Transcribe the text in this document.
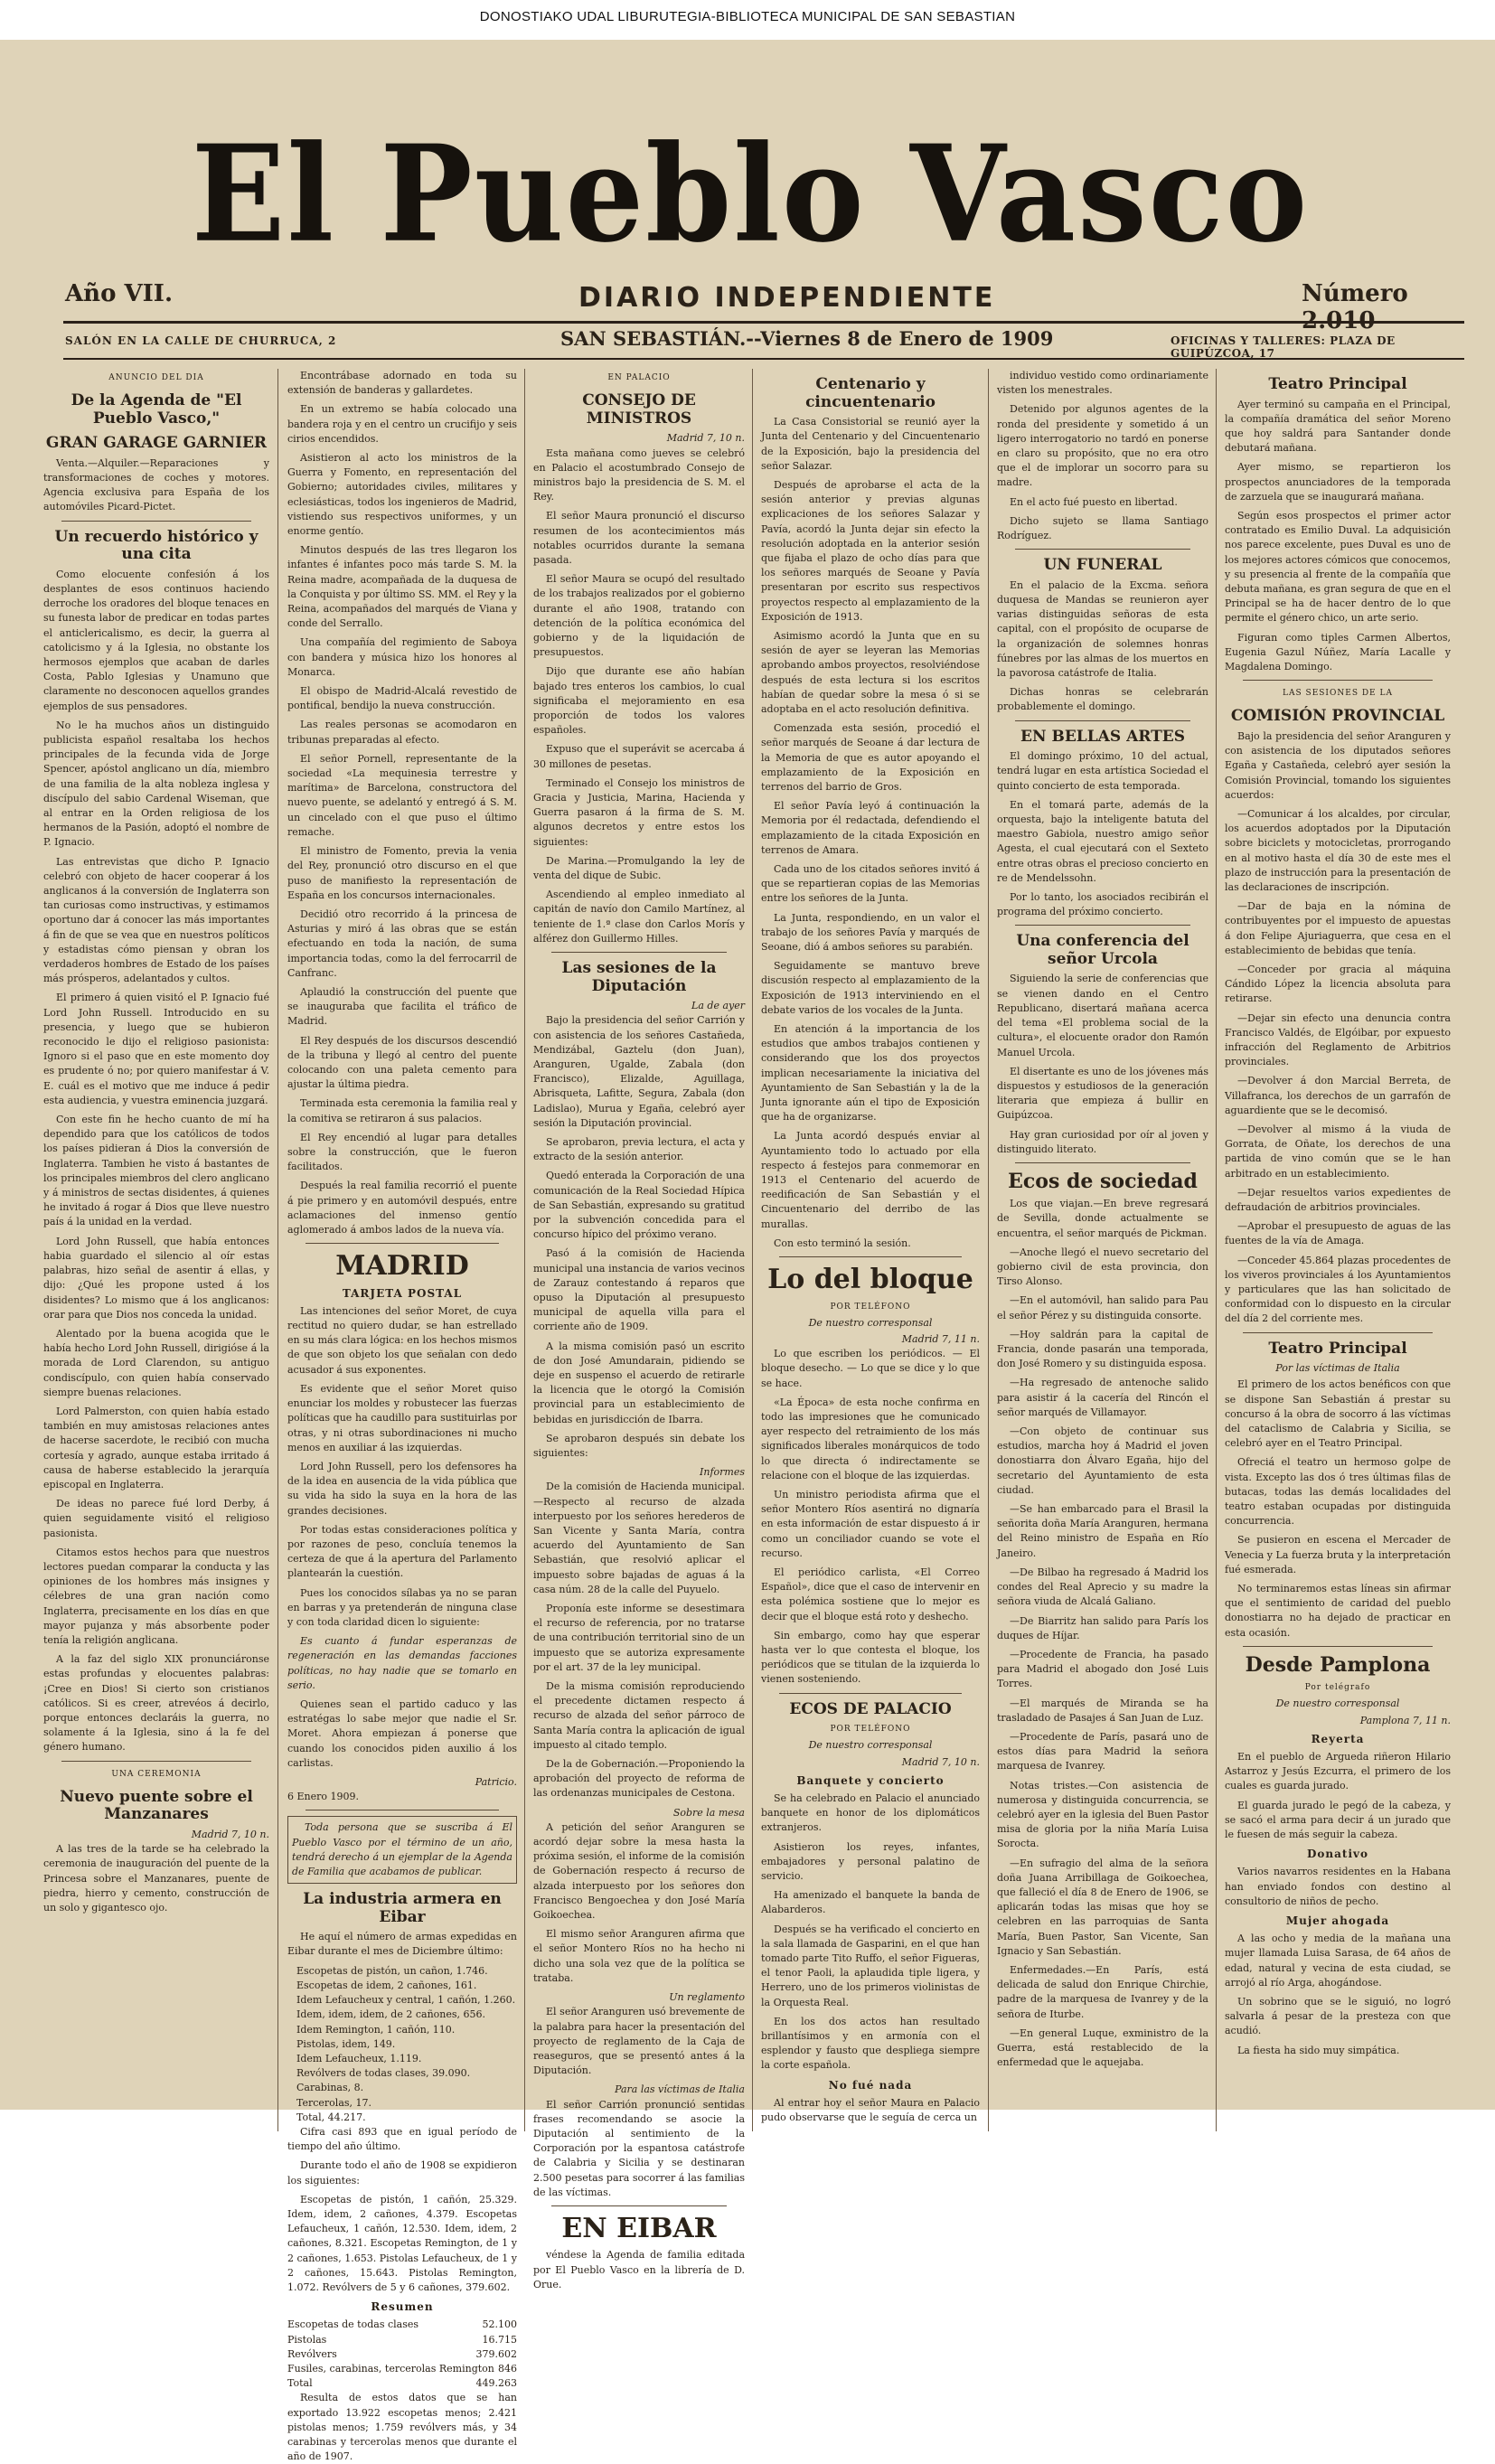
DONOSTIAKO UDAL LIBURUTEGIA-BIBLIOTECA MUNICIPAL DE SAN SEBASTIAN
El Pueblo Vasco
Año VII.	DIARIO INDEPENDIENTE	Número 2.010
SALÓN EN LA CALLE DE CHURRUCA, 2	SAN SEBASTIÁN.--Viernes 8 de Enero de 1909	OFICINAS Y TALLERES: PLAZA DE GUIPÚZCOA, 17
ANUNCIO DEL DIA
De la Agenda de "El Pueblo Vasco,"
GRAN GARAGE GARNIER

Venta.—Alquiler.—Reparaciones y transformaciones de coches y motores. Agencia exclusiva para España de los automóviles Picard-Pictet.

Un recuerdo histórico y una cita

Como elocuente confesión á los desplantes de esos continuos haciendo derroche los oradores del bloque tenaces en su funesta labor de predicar en todas partes el anticlericalismo, es decir, la guerra al catolicismo y á la Iglesia, no obstante los hermosos ejemplos que acaban de darles Costa, Pablo Iglesias y Unamuno que claramente no desconocen aquellos grandes ejemplos de sus pensadores.

No le ha muchos años un distinguido publicista español resaltaba los hechos principales de la fecunda vida de Jorge Spencer, apóstol anglicano un día, miembro de una familia de la alta nobleza inglesa y discípulo del sabio Cardenal Wiseman, que al entrar en la Orden religiosa de los hermanos de la Pasión, adoptó el nombre de P. Ignacio.

Las entrevistas que dicho P. Ignacio celebró con objeto de hacer cooperar á los anglicanos á la conversión de Inglaterra son tan curiosas como instructivas, y estimamos oportuno dar á conocer las más importantes á fin de que se vea que en nuestros políticos y estadistas cómo piensan y obran los verdaderos hombres de Estado de los países más prósperos, adelantados y cultos.

El primero á quien visitó el P. Ignacio fué Lord John Russell. Introducido en su presencia, y luego que se hubieron reconocido le dijo el religioso pasionista: Ignoro si el paso que en este momento doy es prudente ó no; por quiero manifestar á V. E. cuál es el motivo que me induce á pedir esta audiencia, y vuestra eminencia juzgará.

Con este fin he hecho cuanto de mí ha dependido para que los católicos de todos los países pidieran á Dios la conversión de Inglaterra. Tambien he visto á bastantes de los principales miembros del clero anglicano y á ministros de sectas disidentes, á quienes he invitado á rogar á Dios que lleve nuestro país á la unidad en la verdad.

Lord John Russell, que había entonces habia guardado el silencio al oír estas palabras, hizo señal de asentir á ellas, y dijo: ¿Qué les propone usted á los disidentes? Lo mismo que á los anglicanos: orar para que Dios nos conceda la unidad.

Alentado por la buena acogida que le había hecho Lord John Russell, dirigióse á la morada de Lord Clarendon, su antiguo condiscípulo, con quien había conservado siempre buenas relaciones.

Lord Palmerston, con quien había estado también en muy amistosas relaciones antes de hacerse sacerdote, le recibió con mucha cortesía y agrado, aunque estaba irritado á causa de haberse establecido la jerarquía episcopal en Inglaterra.

De ideas no parece fué lord Derby, á quien seguidamente visitó el religioso pasionista.

Citamos estos hechos para que nuestros lectores puedan comparar la conducta y las opiniones de los hombres más insignes y célebres de una gran nación como Inglaterra, precisamente en los días en que mayor pujanza y más absorbente poder tenía la religión anglicana.

A la faz del siglo XIX pronunciáronse estas profundas y elocuentes palabras: ¡Cree en Dios! Si cierto son cristianos católicos. Si es creer, atrevéos á decirlo, porque entonces declaráis la guerra, no solamente á la Iglesia, sino á la fe del género humano.

UNA CEREMONIA
Nuevo puente sobre el Manzanares
Madrid 7, 10 n.

A las tres de la tarde se ha celebrado la ceremonia de inauguración del puente de la Princesa sobre el Manzanares, puente de piedra, hierro y cemento, construcción de un solo y gigantesco ojo.

Encontrábase adornado en toda su extensión de banderas y gallardetes.

En un extremo se había colocado una bandera roja y en el centro un crucifijo y seis cirios encendidos.

Asistieron al acto los ministros de la Guerra y Fomento, en representación del Gobierno; autoridades civiles, militares y eclesiásticas, todos los ingenieros de Madrid, vistiendo sus respectivos uniformes, y un enorme gentío.

Minutos después de las tres llegaron los infantes é infantes poco más tarde S. M. la Reina madre, acompañada de la duquesa de la Conquista y por último SS. MM. el Rey y la Reina, acompañados del marqués de Viana y conde del Serrallo.

Una compañía del regimiento de Saboya con bandera y música hizo los honores al Monarca.

El obispo de Madrid-Alcalá revestido de pontifical, bendijo la nueva construcción.

Las reales personas se acomodaron en tribunas preparadas al efecto.

El señor Pornell, representante de la sociedad «La mequinesia terrestre y marítima» de Barcelona, constructora del nuevo puente, se adelantó y entregó á S. M. un cincelado con el que puso el último remache.

El ministro de Fomento, previa la venia del Rey, pronunció otro discurso en el que puso de manifiesto la representación de España en los concursos internacionales.

Decidió otro recorrido á la princesa de Asturias y miró á las obras que se están efectuando en toda la nación, de suma importancia todas, como la del ferrocarril de Canfranc.

Aplaudió la construcción del puente que se inauguraba que facilita el tráfico de Madrid.

El Rey después de los discursos descendió de la tribuna y llegó al centro del puente colocando con una paleta cemento para ajustar la última piedra.

Terminada esta ceremonia la familia real y la comitiva se retiraron á sus palacios.

El Rey encendió al lugar para detalles sobre la construcción, que le fueron facilitados.

Después la real familia recorrió el puente á pie primero y en automóvil después, entre aclamaciones del inmenso gentío aglomerado á ambos lados de la nueva vía.

MADRID
TARJETA POSTAL

Las intenciones del señor Moret, de cuya rectitud no quiero dudar, se han estrellado en su más clara lógica: en los hechos mismos de que son objeto los que señalan con dedo acusador á sus exponentes.

Es evidente que el señor Moret quiso enunciar los moldes y robustecer las fuerzas políticas que ha caudillo para sustituirlas por otras, y ni otras subordinaciones ni mucho menos en auxiliar á las izquierdas.

Lord John Russell, pero los defensores ha de la idea en ausencia de la vida pública que su vida ha sido la suya en la hora de las grandes decisiones.

Por todas estas consideraciones política y por razones de peso, concluía tenemos la certeza de que á la apertura del Parlamento plantearán la cuestión.

Pues los conocidos sílabas ya no se paran en barras y ya pretenderán de ninguna clase y con toda claridad dicen lo siguiente:

Es cuanto á fundar esperanzas de regeneración en las demandas facciones políticas, no hay nadie que se tomarlo en serio.

Quienes sean el partido caduco y las estratégas lo sabe mejor que nadie el Sr. Moret. Ahora empiezan á ponerse que cuando los conocidos piden auxilio á los carlistas.

Patricio.
6 Enero 1909.

Toda persona que se suscriba á El Pueblo Vasco por el término de un año, tendrá derecho á un ejemplar de la Agenda de Familia que acabamos de publicar.

La industria armera en Eibar

He aquí el número de armas expedidas en Eibar durante el mes de Diciembre último:

Escopetas de pistón, un cañon, 1.746.
Escopetas de idem, 2 cañones, 161.
Idem Lefaucheux y central, 1 cañón, 1.260.
Idem, idem, idem, de 2 cañones, 656.
Idem Remington, 1 cañón, 110.
Pistolas, idem, 149.
Idem Lefaucheux, 1.119.
Revólvers de todas clases, 39.090.
Carabinas, 8.
Tercerolas, 17.
Total, 44.217.

Cifra casi 893 que en igual período de tiempo del año último.

Durante todo el año de 1908 se expidieron los siguientes:

Escopetas de pistón, 1 cañón, 25.329. Idem, idem, 2 cañones, 4.379. Escopetas Lefaucheux, 1 cañón, 12.530. Idem, idem, 2 cañones, 8.321. Escopetas Remington, de 1 y 2 cañones, 1.653. Pistolas Lefaucheux, de 1 y 2 cañones, 15.643. Pistolas Remington, 1.072. Revólvers de 5 y 6 cañones, 379.602.

Resumen
Escopetas de todas clases	52.100
Pistolas	16.715
Revólvers	379.602
Fusiles, carabinas, tercerolas Remington 846
Total	449.263

Resulta de estos datos que se han exportado 13.922 escopetas menos; 2.421 pistolas menos; 1.759 revólvers más, y 34 carabinas y tercerolas menos que durante el año de 1907.

EN PALACIO
CONSEJO DE MINISTROS
Madrid 7, 10 n.

Esta mañana como jueves se celebró en Palacio el acostumbrado Consejo de ministros bajo la presidencia de S. M. el Rey.

El señor Maura pronunció el discurso resumen de los acontecimientos más notables ocurridos durante la semana pasada.

El señor Maura se ocupó del resultado de los trabajos realizados por el gobierno durante el año 1908, tratando con detención de la política económica del gobierno y de la liquidación de presupuestos.

Dijo que durante ese año habían bajado tres enteros los cambios, lo cual significaba el mejoramiento en esa proporción de todos los valores españoles.

Expuso que el superávit se acercaba á 30 millones de pesetas.

Terminado el Consejo los ministros de Gracia y Justicia, Marina, Hacienda y Guerra pasaron á la firma de S. M. algunos decretos y entre estos los siguientes:

De Marina.—Promulgando la ley de venta del dique de Subic.

Ascendiendo al empleo inmediato al capitán de navío don Camilo Martínez, al teniente de 1.ª clase don Carlos Morís y alférez don Guillermo Hilles.

Las sesiones de la Diputación
La de ayer

Bajo la presidencia del señor Carrión y con asistencia de los señores Castañeda, Mendizábal, Gaztelu (don Juan), Aranguren, Ugalde, Zabala (don Francisco), Elizalde, Aguillaga, Abrisqueta, Lafitte, Segura, Zabala (don Ladislao), Murua y Egaña, celebró ayer sesión la Diputación provincial.

Se aprobaron, previa lectura, el acta y extracto de la sesión anterior.

Quedó enterada la Corporación de una comunicación de la Real Sociedad Hípica de San Sebastián, expresando su gratitud por la subvención concedida para el concurso hípico del próximo verano.

Pasó á la comisión de Hacienda municipal una instancia de varios vecinos de Zarauz contestando á reparos que opuso la Diputación al presupuesto municipal de aquella villa para el corriente año de 1909.

A la misma comisión pasó un escrito de don José Amundarain, pidiendo se deje en suspenso el acuerdo de retirarle la licencia que le otorgó la Comisión provincial para un establecimiento de bebidas en jurisdicción de Ibarra.

Se aprobaron después sin debate los siguientes:

Informes

De la comisión de Hacienda municipal.—Respecto al recurso de alzada interpuesto por los señores herederos de San Vicente y Santa María, contra acuerdo del Ayuntamiento de San Sebastián, que resolvió aplicar el impuesto sobre bajadas de aguas á la casa núm. 28 de la calle del Puyuelo.

Proponía este informe se desestimara el recurso de referencia, por no tratarse de una contribución territorial sino de un impuesto que se autoriza expresamente por el art. 37 de la ley municipal.

De la misma comisión reproduciendo el precedente dictamen respecto á recurso de alzada del señor párroco de Santa María contra la aplicación de igual impuesto al citado templo.

De la de Gobernación.—Proponiendo la aprobación del proyecto de reforma de las ordenanzas municipales de Cestona.

Sobre la mesa

A petición del señor Aranguren se acordó dejar sobre la mesa hasta la próxima sesión, el informe de la comisión de Gobernación respecto á recurso de alzada interpuesto por los señores don Francisco Bengoechea y don José María Goikoechea.

El mismo señor Aranguren afirma que el señor Montero Ríos no ha hecho ni dicho una sola vez que de la política se trataba.

Un reglamento

El señor Aranguren usó brevemente de la palabra para hacer la presentación del proyecto de reglamento de la Caja de reaseguros, que se presentó antes á la Diputación.

Para las víctimas de Italia

El señor Carrión pronunció sentidas frases recomendando se asocie la Diputación al sentimiento de la Corporación por la espantosa catástrofe de Calabria y Sicilia y se destinaran 2.500 pesetas para socorrer á las familias de las víctimas.

EN EIBAR

véndese la Agenda de familia editada por El Pueblo Vasco en la librería de D. Orue.

Centenario y cincuentenario

La Casa Consistorial se reunió ayer la Junta del Centenario y del Cincuentenario de la Exposición, bajo la presidencia del señor Salazar.

Después de aprobarse el acta de la sesión anterior y previas algunas explicaciones de los señores Salazar y Pavía, acordó la Junta dejar sin efecto la resolución adoptada en la anterior sesión que fijaba el plazo de ocho días para que los señores marqués de Seoane y Pavía presentaran por escrito sus respectivos proyectos respecto al emplazamiento de la Exposición de 1913.

Asimismo acordó la Junta que en su sesión de ayer se leyeran las Memorias aprobando ambos proyectos, resolviéndose después de esta lectura si los escritos habían de quedar sobre la mesa ó si se adoptaba en el acto resolución definitiva.

Comenzada esta sesión, procedió el señor marqués de Seoane á dar lectura de la Memoria de que es autor apoyando el emplazamiento de la Exposición en terrenos del barrio de Gros.

El señor Pavía leyó á continuación la Memoria por él redactada, defendiendo el emplazamiento de la citada Exposición en terrenos de Amara.

Cada uno de los citados señores invitó á que se repartieran copias de las Memorias entre los señores de la Junta.

La Junta, respondiendo, en un valor el trabajo de los señores Pavía y marqués de Seoane, dió á ambos señores su parabién.

Seguidamente se mantuvo breve discusión respecto al emplazamiento de la Exposición de 1913 interviniendo en el debate varios de los vocales de la Junta.

En atención á la importancia de los estudios que ambos trabajos contienen y considerando que los dos proyectos implican necesariamente la iniciativa del Ayuntamiento de San Sebastián y la de la Junta ignorante aún el tipo de Exposición que ha de organizarse.

La Junta acordó después enviar al Ayuntamiento todo lo actuado por ella respecto á festejos para conmemorar en 1913 el Centenario del acuerdo de reedificación de San Sebastián y el Cincuentenario del derribo de las murallas.

Con esto terminó la sesión.

Lo del bloque
POR TELÉFONO
De nuestro corresponsal
Madrid 7, 11 n.

Lo que escriben los periódicos. — El bloque desecho. — Lo que se dice y lo que se hace.

«La Época» de esta noche confirma en todo las impresiones que he comunicado ayer respecto del retraimiento de los más significados liberales monárquicos de todo lo que directa ó indirectamente se relacione con el bloque de las izquierdas.

Un ministro periodista afirma que el señor Montero Ríos asentirá no dignaría en esta información de estar dispuesto á ir como un conciliador cuando se vote el recurso.

El periódico carlista, «El Correo Español», dice que el caso de intervenir en esta polémica sostiene que lo mejor es decir que el bloque está roto y deshecho.

Sin embargo, como hay que esperar hasta ver lo que contesta el bloque, los periódicos que se titulan de la izquierda lo vienen sosteniendo.

ECOS DE PALACIO
POR TELÉFONO
De nuestro corresponsal
Madrid 7, 10 n.
Banquete y concierto

Se ha celebrado en Palacio el anunciado banquete en honor de los diplomáticos extranjeros.

Asistieron los reyes, infantes, embajadores y personal palatino de servicio.

Ha amenizado el banquete la banda de Alabarderos.

Después se ha verificado el concierto en la sala llamada de Gasparini, en el que han tomado parte Tito Ruffo, el señor Figueras, el tenor Paoli, la aplaudida tiple ligera, y Herrero, uno de los primeros violinistas de la Orquesta Real.

En los dos actos han resultado brillantísimos y en armonía con el esplendor y fausto que despliega siempre la corte española.

No fué nada

Al entrar hoy el señor Maura en Palacio pudo observarse que le seguía de cerca un

individuo vestido como ordinariamente visten los menestrales.

Detenido por algunos agentes de la ronda del presidente y sometido á un ligero interrogatorio no tardó en ponerse en claro su propósito, que no era otro que el de implorar un socorro para su madre.

En el acto fué puesto en libertad.

Dicho sujeto se llama Santiago Rodríguez.

UN FUNERAL

En el palacio de la Excma. señora duquesa de Mandas se reunieron ayer varias distinguidas señoras de esta capital, con el propósito de ocuparse de la organización de solemnes honras fúnebres por las almas de los muertos en la pavorosa catástrofe de Italia.

Dichas honras se celebrarán probablemente el domingo.

EN BELLAS ARTES

El domingo próximo, 10 del actual, tendrá lugar en esta artística Sociedad el quinto concierto de esta temporada.

En el tomará parte, además de la orquesta, bajo la inteligente batuta del maestro Gabiola, nuestro amigo señor Agesta, el cual ejecutará con el Sexteto entre otras obras el precioso concierto en re de Mendelssohn.

Por lo tanto, los asociados recibirán el programa del próximo concierto.

Una conferencia del señor Urcola

Siguiendo la serie de conferencias que se vienen dando en el Centro Republicano, disertará mañana acerca del tema «El problema social de la cultura», el elocuente orador don Ramón Manuel Urcola.

El disertante es uno de los jóvenes más dispuestos y estudiosos de la generación literaria que empieza á bullir en Guipúzcoa.

Hay gran curiosidad por oír al joven y distinguido literato.

Ecos de sociedad

Los que viajan.—En breve regresará de Sevilla, donde actualmente se encuentra, el señor marqués de Pickman.

—Anoche llegó el nuevo secretario del gobierno civil de esta provincia, don Tirso Alonso.

—En el automóvil, han salido para Pau el señor Pérez y su distinguida consorte.

—Hoy saldrán para la capital de Francia, donde pasarán una temporada, don José Romero y su distinguida esposa.

—Ha regresado de antenoche salido para asistir á la cacería del Rincón el señor marqués de Villamayor.

—Con objeto de continuar sus estudios, marcha hoy á Madrid el joven donostiarra don Álvaro Egaña, hijo del secretario del Ayuntamiento de esta ciudad.

—Se han embarcado para el Brasil la señorita doña María Aranguren, hermana del Reino ministro de España en Río Janeiro.

—De Bilbao ha regresado á Madrid los condes del Real Aprecio y su madre la señora viuda de Alcalá Galiano.

—De Biarritz han salido para París los duques de Híjar.

—Procedente de Francia, ha pasado para Madrid el abogado don José Luis Torres.

—El marqués de Miranda se ha trasladado de Pasajes á San Juan de Luz.

—Procedente de París, pasará uno de estos días para Madrid la señora marquesa de Ivanrey.

Notas tristes.—Con asistencia de numerosa y distinguida concurrencia, se celebró ayer en la iglesia del Buen Pastor misa de gloria por la niña María Luisa Sorocta.

—En sufragio del alma de la señora doña Juana Arribillaga de Goikoechea, que falleció el día 8 de Enero de 1906, se aplicarán todas las misas que hoy se celebren en las parroquias de Santa María, Buen Pastor, San Vicente, San Ignacio y San Sebastián.

Enfermedades.—En París, está delicada de salud don Enrique Chirchie, padre de la marquesa de Ivanrey y de la señora de Iturbe.

—En general Luque, exministro de la Guerra, está restablecido de la enfermedad que le aquejaba.

Teatro Principal

Ayer terminó su campaña en el Principal, la compañía dramática del señor Moreno que hoy saldrá para Santander donde debutará mañana.

Ayer mismo, se repartieron los prospectos anunciadores de la temporada de zarzuela que se inaugurará mañana.

Según esos prospectos el primer actor contratado es Emilio Duval. La adquisición nos parece excelente, pues Duval es uno de los mejores actores cómicos que conocemos, y su presencia al frente de la compañía que debuta mañana, es gran segura de que en el Principal se ha de hacer dentro de lo que permite el género chico, un arte serio.

Figuran como tiples Carmen Albertos, Eugenia Gazul Núñez, María Lacalle y Magdalena Domingo.

LAS SESIONES DE LA
COMISIÓN PROVINCIAL

Bajo la presidencia del señor Aranguren y con asistencia de los diputados señores Egaña y Castañeda, celebró ayer sesión la Comisión Provincial, tomando los siguientes acuerdos:

—Comunicar á los alcaldes, por circular, los acuerdos adoptados por la Diputación sobre biciclets y motocicletas, prorrogando en al motivo hasta el día 30 de este mes el plazo de instrucción para la presentación de las declaraciones de inscripción.

—Dar de baja en la nómina de contribuyentes por el impuesto de apuestas á don Felipe Ajuriaguerra, que cesa en el establecimiento de bebidas que tenía.

—Conceder por gracia al máquina Cándido López la licencia absoluta para retirarse.

—Dejar sin efecto una denuncia contra Francisco Valdés, de Elgóibar, por expuesto infracción del Reglamento de Arbitrios provinciales.

—Devolver á don Marcial Berreta, de Villafranca, los derechos de un garrafón de aguardiente que se le decomisó.

—Devolver al mismo á la viuda de Gorrata, de Oñate, los derechos de una partida de vino común que se le han arbitrado en un establecimiento.

—Dejar resueltos varios expedientes de defraudación de arbitrios provinciales.

—Aprobar el presupuesto de aguas de las fuentes de la vía de Amaga.

—Conceder 45.864 plazas procedentes de los viveros provinciales á los Ayuntamientos y particulares que las han solicitado de conformidad con lo dispuesto en la circular del día 2 del corriente mes.

Teatro Principal
Por las víctimas de Italia

El primero de los actos benéficos con que se dispone San Sebastián á prestar su concurso á la obra de socorro á las víctimas del cataclismo de Calabria y Sicilia, se celebró ayer en el Teatro Principal.

Ofreciá el teatro un hermoso golpe de vista. Excepto las dos ó tres últimas filas de butacas, todas las demás localidades del teatro estaban ocupadas por distinguida concurrencia.

Se pusieron en escena el Mercader de Venecia y La fuerza bruta y la interpretación fué esmerada.

No terminaremos estas líneas sin afirmar que el sentimiento de caridad del pueblo donostiarra no ha dejado de practicar en esta ocasión.

Desde Pamplona
Por telégrafo
De nuestro corresponsal
Pamplona 7, 11 n.
Reyerta

En el pueblo de Argueda riñeron Hilario Astarroz y Jesús Ezcurra, el primero de los cuales es guarda jurado.

El guarda jurado le pegó de la cabeza, y se sacó el arma para decir á un jurado que le fuesen de más seguir la cabeza.

Donativo

Varios navarros residentes en la Habana han enviado fondos con destino al consultorio de niños de pecho.

Mujer ahogada

A las ocho y media de la mañana una mujer llamada Luisa Sarasa, de 64 años de edad, natural y vecina de esta ciudad, se arrojó al río Arga, ahogándose.

Un sobrino que se le siguió, no logró salvarla á pesar de la presteza con que acudió.

La fiesta ha sido muy simpática.
